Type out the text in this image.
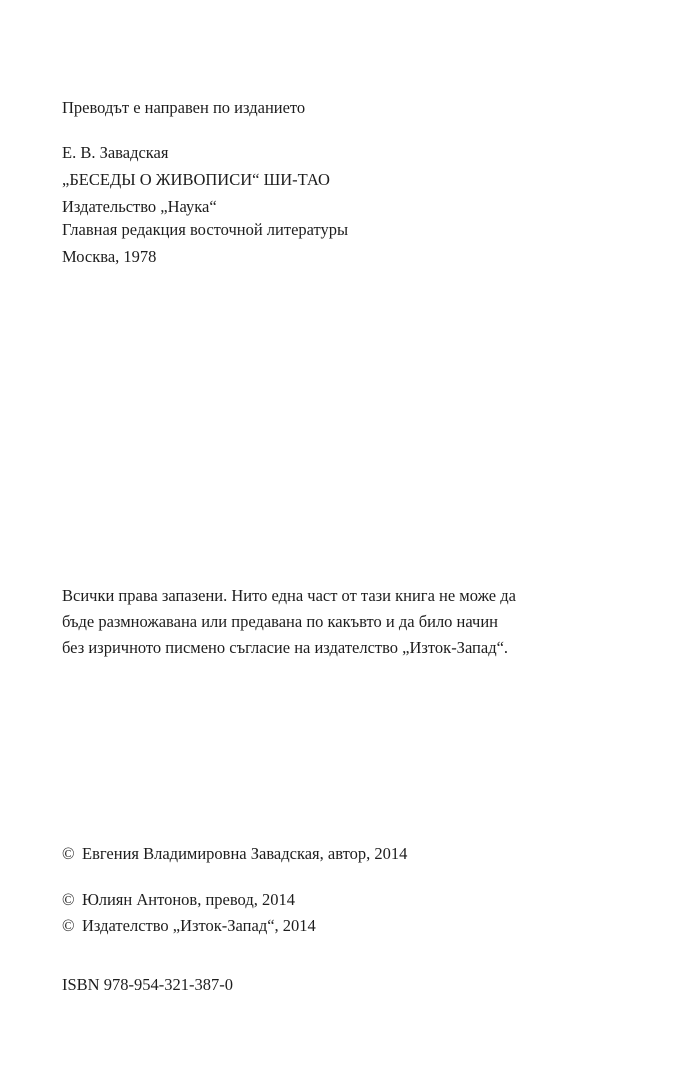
Преводът е направен по изданието

Е. В. Завадская

„БЕСЕДЫ О ЖИВОПИСИ“ ШИ-ТАО

Издательство „Наука“

Главная редакция восточной литературы

Москва, 1978

Всички права запазени. Нито една част от тази книга не може да

бъде размножавана или предавана по какъвто и да било начин

без изричното писмено съгласие на издателство „Изток-Запад“.

© Евгения Владимировна Завадская, автор, 2014

© Юлиян Антонов, превод, 2014

© Издателство „Изток-Запад“, 2014

ISBN 978-954-321-387-0
